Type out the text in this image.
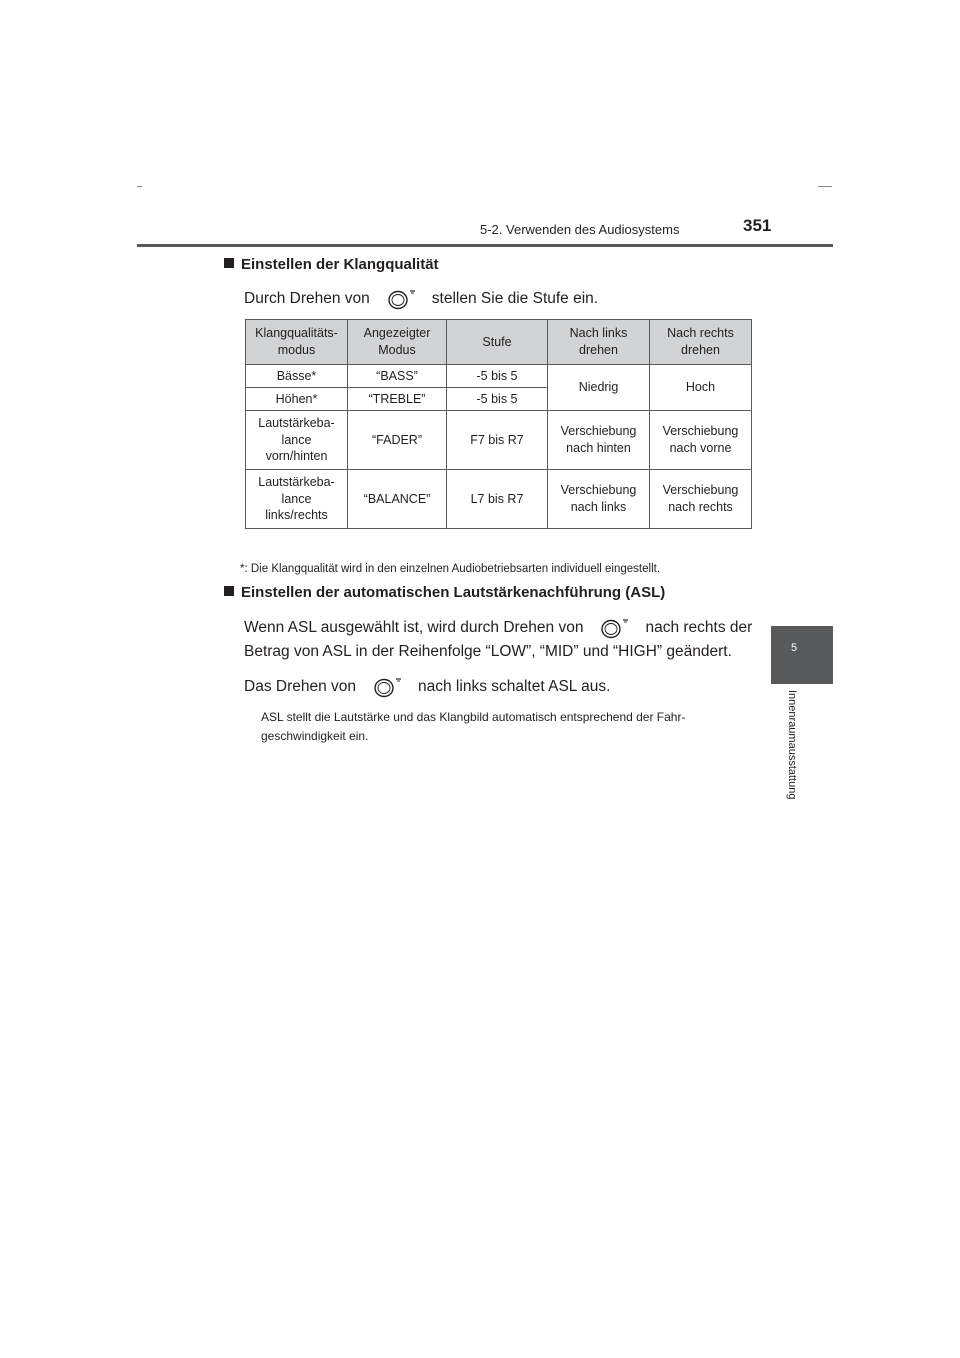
5-2. Verwenden des Audiosystems	351
5
Innenraumausstattung
Einstellen der Klangqualität
Durch Drehen von	stellen Sie die Stufe ein.
Klangqualitäts-modus	Angezeigter Modus	Stufe	Nach links drehen	Nach rechts drehen
Bässe*	“BASS”	-5 bis 5	Niedrig	Hoch
Höhen*	“TREBLE”	-5 bis 5		
Lautstärkeba-lance vorn/hinten	“FADER”	F7 bis R7	Verschiebung nach hinten	Verschiebung nach vorne
Lautstärkeba-lance links/rechts	“BALANCE”	L7 bis R7	Verschiebung nach links	Verschiebung nach rechts
*: Die Klangqualität wird in den einzelnen Audiobetriebsarten individuell eingestellt.
Einstellen der automatischen Lautstärkenachführung (ASL)
Wenn ASL ausgewählt ist, wird durch Drehen von	nach rechts der
Betrag von ASL in der Reihenfolge “LOW”, “MID” und “HIGH” geändert.
Das Drehen von	nach links schaltet ASL aus.
ASL stellt die Lautstärke und das Klangbild automatisch entsprechend der Fahr-geschwindigkeit ein.
